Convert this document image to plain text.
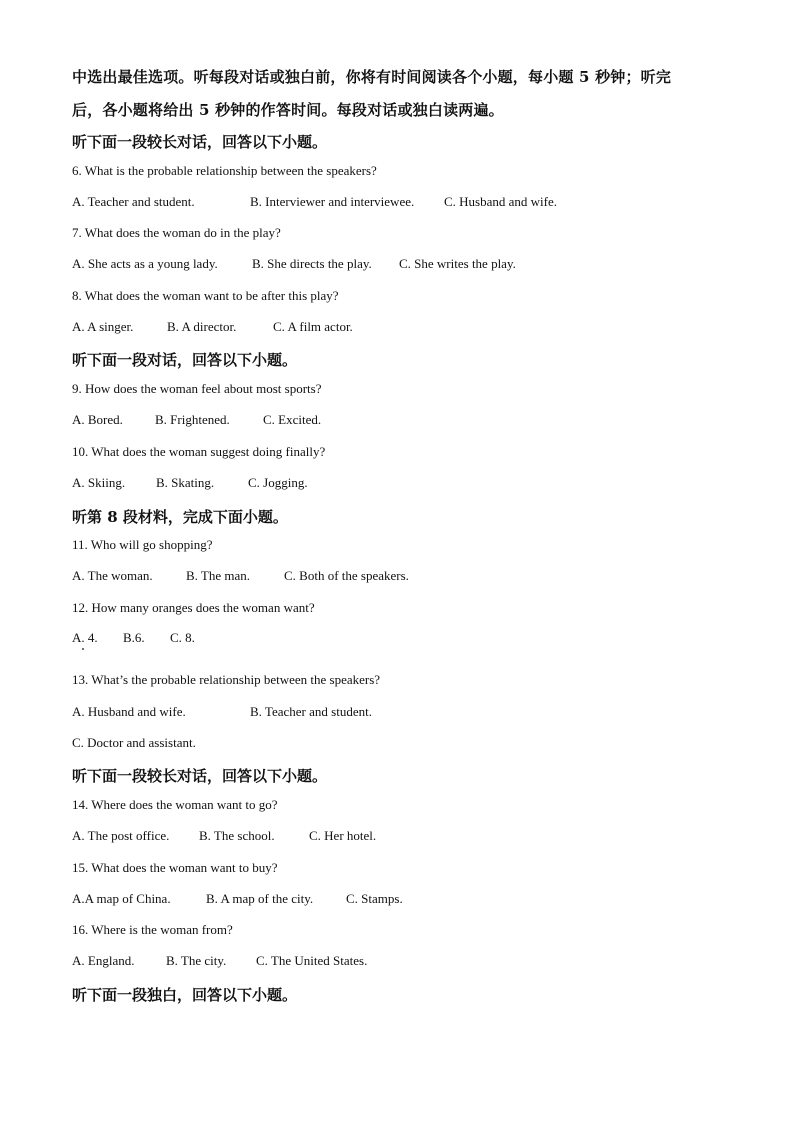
中选出最佳选项。听每段对话或独白前，你将有时间阅读各个小题，每小题 5 秒钟；听完
后，各小题将给出 5 秒钟的作答时间。每段对话或独白读两遍。
听下面一段较长对话，回答以下小题。
6. What is the probable relationship between the speakers?
A. Teacher and student.	B. Interviewer and interviewee. C. Husband and wife.
7. What does the woman do in the play?
A. She acts as a young lady.	B. She directs the play. C. She writes the play.
8. What does the woman want to be after this play?
A. A singer.	B. A director.	C. A film actor.
听下面一段对话，回答以下小题。
9. How does the woman feel about most sports?
A. Bored. B. Frightened.	C. Excited.
10. What does the woman suggest doing finally?
A. Skiing. B. Skating.	C. Jogging.
听第 8 段材料，完成下面小题。
11. Who will go shopping?
A. The woman.	B. The man.	C. Both of the speakers.
12. How many oranges does the woman want?
A. 4. B.6. C. 8.
13. What’s the probable relationship between the speakers?
A. Husband and wife.	B. Teacher and student.
C. Doctor and assistant.
听下面一段较长对话，回答以下小题。
14. Where does the woman want to go?
A. The post office. B. The school.	C. Her hotel.
15. What does the woman want to buy?
A.A map of China.	B. A map of the city.	C. Stamps.
16. Where is the woman from?
A. England. B. The city. C. The United States.
听下面一段独白，回答以下小题。
